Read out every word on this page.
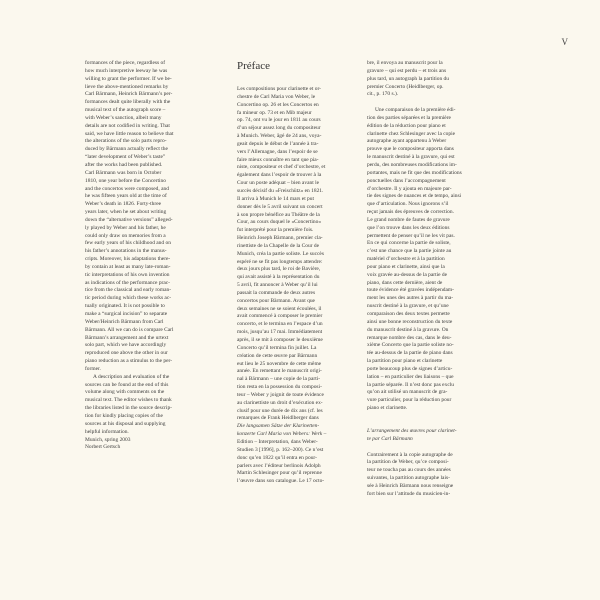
V

formances of the piece, regardless of
how much interpretive leeway he was
willing to grant the performer. If we be-
lieve the above-mentioned remarks by
Carl Bärmann, Heinrich Bärmann’s per-
formances dealt quite liberally with the
musical text of the autograph score –
with Weber’s sanction, albeit many
details are not codified in writing. That
said, we have little reason to believe that
the alterations of the solo parts repro-
duced by Bärmann actually reflect the
“later development of Weber’s taste”
after the works had been published.
Carl Bärmann was born in October
1810, one year before the Concertino
and the concertos were composed, and
he was fifteen years old at the time of
Weber’s death in 1826. Forty-three
years later, when he set about writing
down the “alternative versions” alleged-
ly played by Weber and his father, he
could only draw on memories from a
few early years of his childhood and on
his father’s annotations in the manus-
cripts. Moreover, his adaptations there-
by contain at least as many late-roman-
tic interpretations of his own invention
as indications of the performance prac-
tice from the classical and early roman-
tic period during which these works ac-
tually originated. It is not possible to
make a “surgical incision” to separate
Weber/Heinrich Bärmann from Carl
Bärmann. All we can do is compare Carl
Bärmann’s arrangement and the urtext
solo part, which we have accordingly
reproduced one above the other in our
piano reduction as a stimulus to the per-
former.

A description and evaluation of the
sources can be found at the end of this
volume along with comments on the
musical text. The editor wishes to thank
the libraries listed in the source descrip-
tion for kindly placing copies of the
sources at his disposal and supplying
helpful information.

Munich, spring 2003
Norbert Gertsch

Préface

Les compositions pour clarinette et or-
chestre de Carl Maria von Weber, le
Concertino op. 26 et les Concertos en
fa mineur op. 73 et en Mib majeur
op. 74, ont vu le jour en 1811 au cours
d’un séjour assez long du compositeur
à Munich. Weber, âgé de 24 ans, voya-
geait depuis le début de l’année à tra-
vers l’Allemagne, dans l’espoir de se
faire mieux connaître en tant que pia-
niste, compositeur et chef d’orchestre, et
également dans l’espoir de trouver à la
Cour un poste adéquat – bien avant le
succès décisif du «Freischütz» en 1821.
Il arriva à Munich le 14 mars et put
donner dès le 5 avril suivant un concert
à son propre bénéfice au Théâtre de la
Cour, au cours duquel le «Concertino»
fut interprété pour la première fois.
Heinrich Joseph Bärmann, premier cla-
rinettiste de la Chapelle de la Cour de
Munich, créa la partie soliste. Le succès
espéré ne se fit pas longtemps attendre:
deux jours plus tard, le roi de Bavière,
qui avait assisté à la représentation du
5 avril, fit annoncer à Weber qu’il lui
passait la commande de deux autres
concertos pour Bärmann. Avant que
deux semaines ne se soient écoulées, il
avait commencé à composer le premier
concerto, et le termina en l’espace d’un
mois, jusqu’au 17 mai. Immédiatement
après, il se mit à composer le deuxième
Concerto qu’il termina fin juillet. La
création de cette œuvre par Bärmann
eut lieu le 25 novembre de cette même
année. En remettant le manuscrit origi-
nal à Bärmann – une copie de la parti-
tion resta en la possession du composi-
teur – Weber y joignit de toute évidence
au clarinettiste un droit d’exécution ex-
clusif pour une durée de dix ans (cf. les
remarques de Frank Heidlberger dans
Die langsamen Sätze der Klarinetten-
konzerte Carl Maria von Webers: Werk –
Edition – Interpretation, dans Weber-
Studien 3 [1996], p. 162–200). Ce n’est
donc qu’en 1822 qu’il entra en pour-
parlers avec l’éditeur berlinois Adolph
Martin Schlesinger pour qu’il reprenne
l’œuvre dans son catalogue. Le 17 octo-

bre, il envoya au manuscrit pour la
gravure – qui est perdu – et trois ans
plus tard, un autograph la partition du
premier Concerto (Heidlberger, op.
cit., p. 170 s.).

Une comparaison de la première édi-
tion des parties séparées et la première
édition de la réduction pour piano et
clarinette chez Schlesinger avec la copie
autographe ayant appartenu à Weber
prouve que le compositeur apporta dans
le manuscrit destiné à la gravure, qui est
perdu, des nombreuses modifications im-
portantes, mais ne fit que des modifications
ponctuelles dans l’accompagnement
d’orchestre. Il y ajouta en majeure par-
tie des signes de nuances et de tempo, ainsi
que d’articulation. Nous ignorons s’il
reçut jamais des épreuves de correction.
Le grand nombre de fautes de gravure
que l’on trouve dans les deux éditions
permettent de penser qu’il ne les vit pas.
En ce qui concerne la partie de soliste,
c’est une chance que la partie jointe au
matériel d’orchestre et à la partition
pour piano et clarinette, ainsi que la
voix gravée au-dessus de la partie de
piano, dans cette dernière, aient de
toute évidence été gravées indépendam-
ment les unes des autres à partir du ma-
nuscrit destiné à la gravure, et qu’une
comparaison des deux textes permette
ainsi une bonne reconstruction du texte
du manuscrit destiné à la gravure. On
remarque nombre des cas, dans le deu-
xième Concerto que la partie soliste no-
tée au-dessus de la partie de piano dans
la partition pour piano et clarinette
porte beaucoup plus de signes d’articu-
lation – en particulier des liaisons – que
la partie séparée. Il n’est donc pas exclu
qu’on ait utilisé un manuscrit de gra-
vure particulier, pour la réduction pour
piano et clarinette.

L’arrangement des œuvres pour clarinet-
te par Carl Bärmann

Contrairement à la copie autographe de
la partition de Weber, qu’ce composi-
teur ne toucha pas au cours des années
suivantes, la partition autographe lais-
sée à Heinrich Bärmann nous renseigne
fort bien sur l’attitude du musicien-in-
